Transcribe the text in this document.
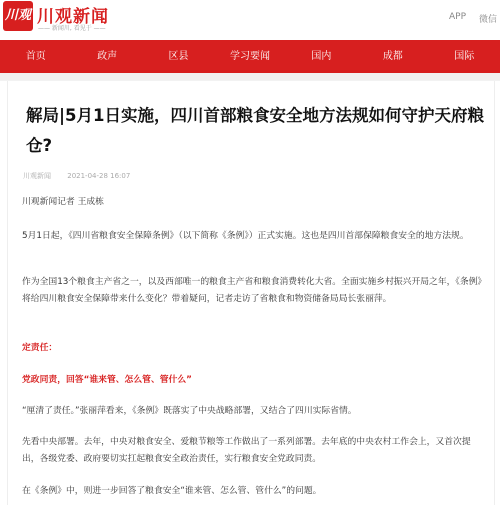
川观 川观新闻
—— 新闻川, 看见于 ——
APP 微信
首页	政声	区县	学习要闻	国内	成都	国际
解局|5月1日实施，四川首部粮食安全地方法规如何守护天府粮仓?
川观新闻 2021-04-28 16:07
川观新闻记者 王成栋
5月1日起，《四川省粮食安全保障条例》（以下简称《条例》）正式实施。这也是四川首部保障粮食安全的地方法规。
作为全国13个粮食主产省之一，以及西部唯一的粮食主产省和粮食消费转化大省。全面实施乡村振兴开局之年，《条例》将给四川粮食安全保障带来什么变化？带着疑问，记者走访了省粮食和物资储备局局长张丽萍。
定责任：
党政同责，回答“谁来管、怎么管、管什么”
“厘清了责任。”张丽萍看来，《条例》既落实了中央战略部署，又结合了四川实际省情。
先看中央部署。去年，中央对粮食安全、爱粮节粮等工作做出了一系列部署。去年底的中央农村工作会上，又首次提出，各级党委、政府要切实扛起粮食安全政治责任，实行粮食安全党政同责。
在《条例》中，则进一步回答了粮食安全“谁来管、怎么管、管什么”的问题。
